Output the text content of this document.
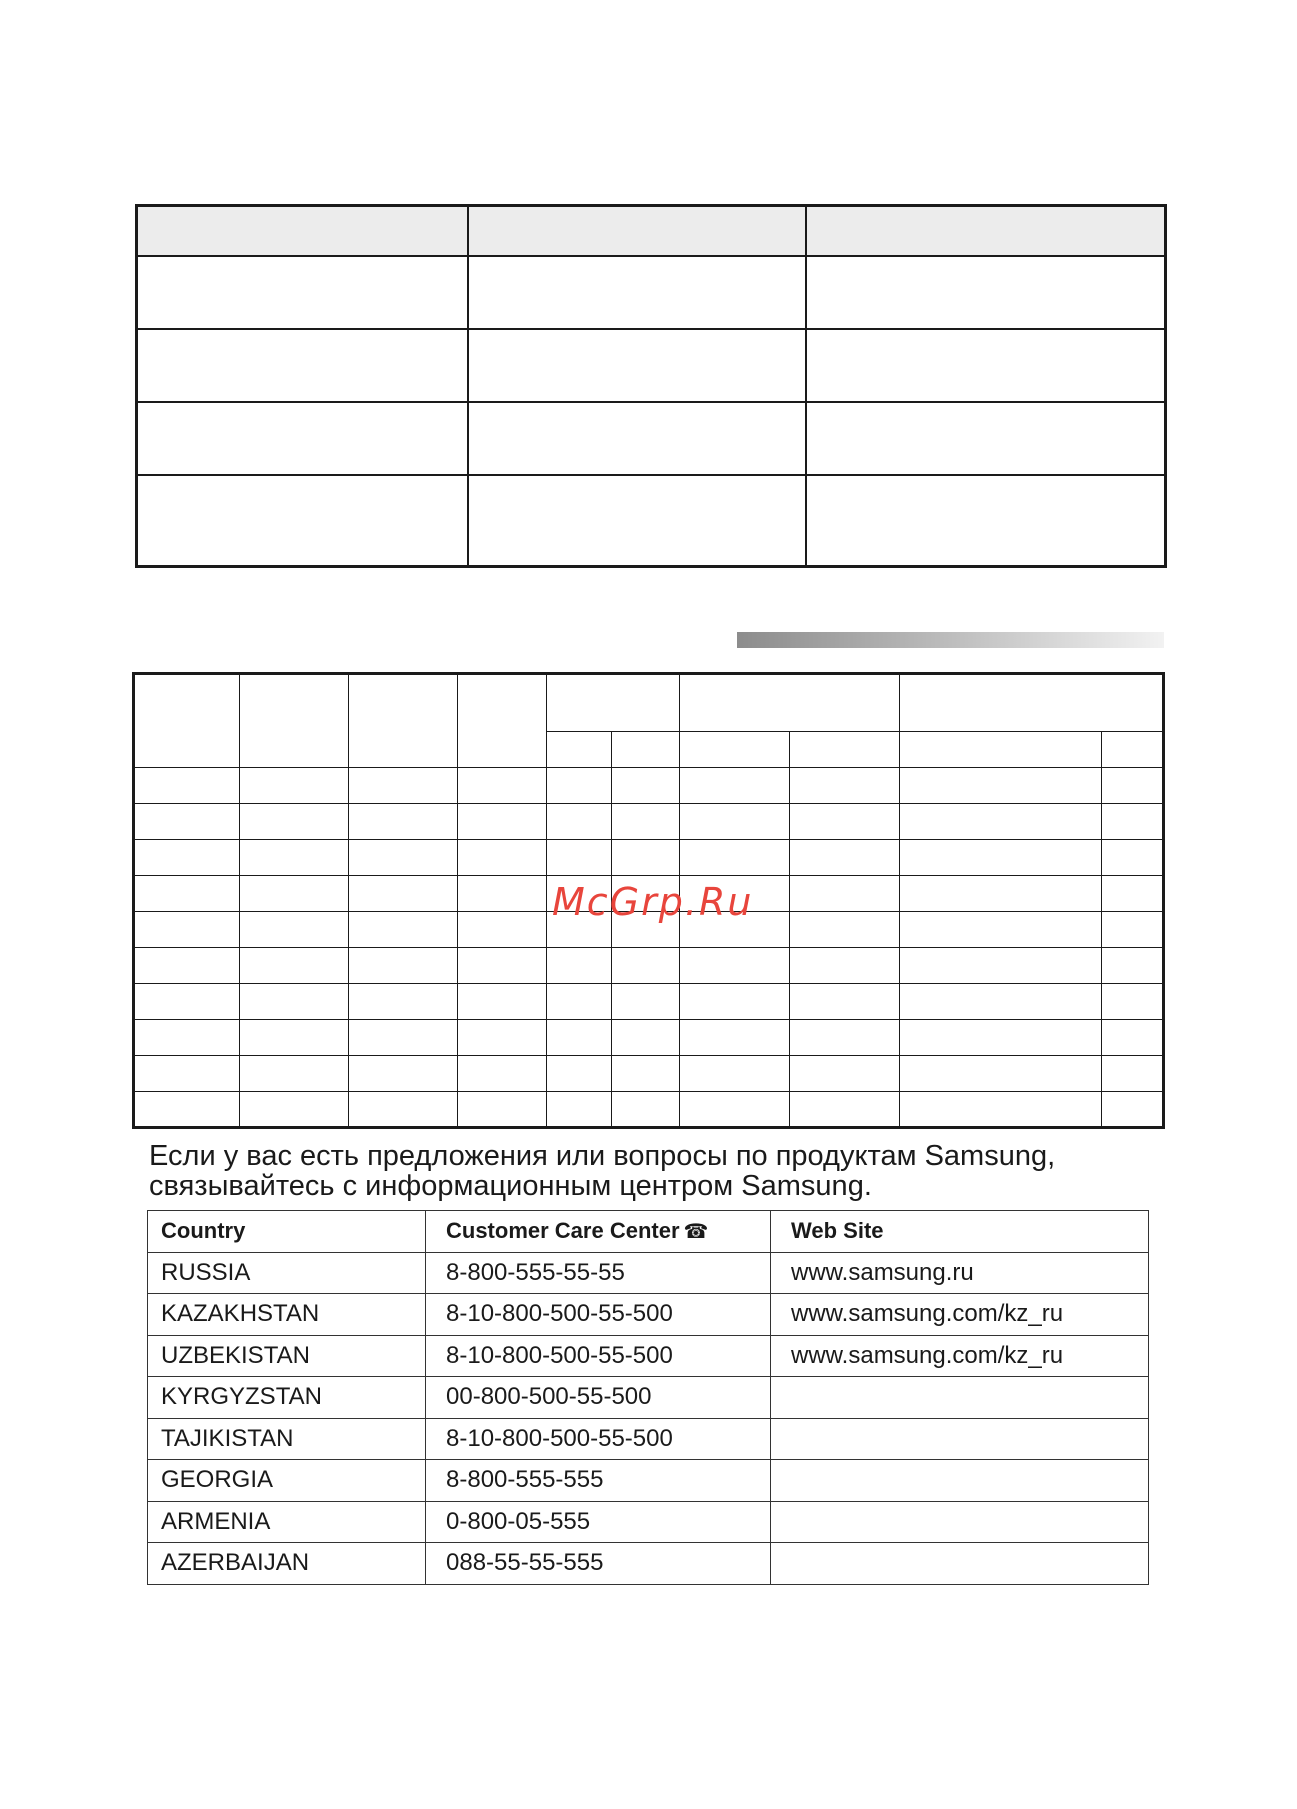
McGrp.Ru
Если у вас есть предложения или вопросы по продуктам Samsung,
связывайтесь с информационным центром Samsung.
Country	Customer Care Center ☎	Web Site
RUSSIA	8-800-555-55-55	www.samsung.ru
KAZAKHSTAN	8-10-800-500-55-500	www.samsung.com/kz_ru
UZBEKISTAN	8-10-800-500-55-500	www.samsung.com/kz_ru
KYRGYZSTAN	00-800-500-55-500	
TAJIKISTAN	8-10-800-500-55-500	
GEORGIA	8-800-555-555	
ARMENIA	0-800-05-555	
AZERBAIJAN	088-55-55-555	
